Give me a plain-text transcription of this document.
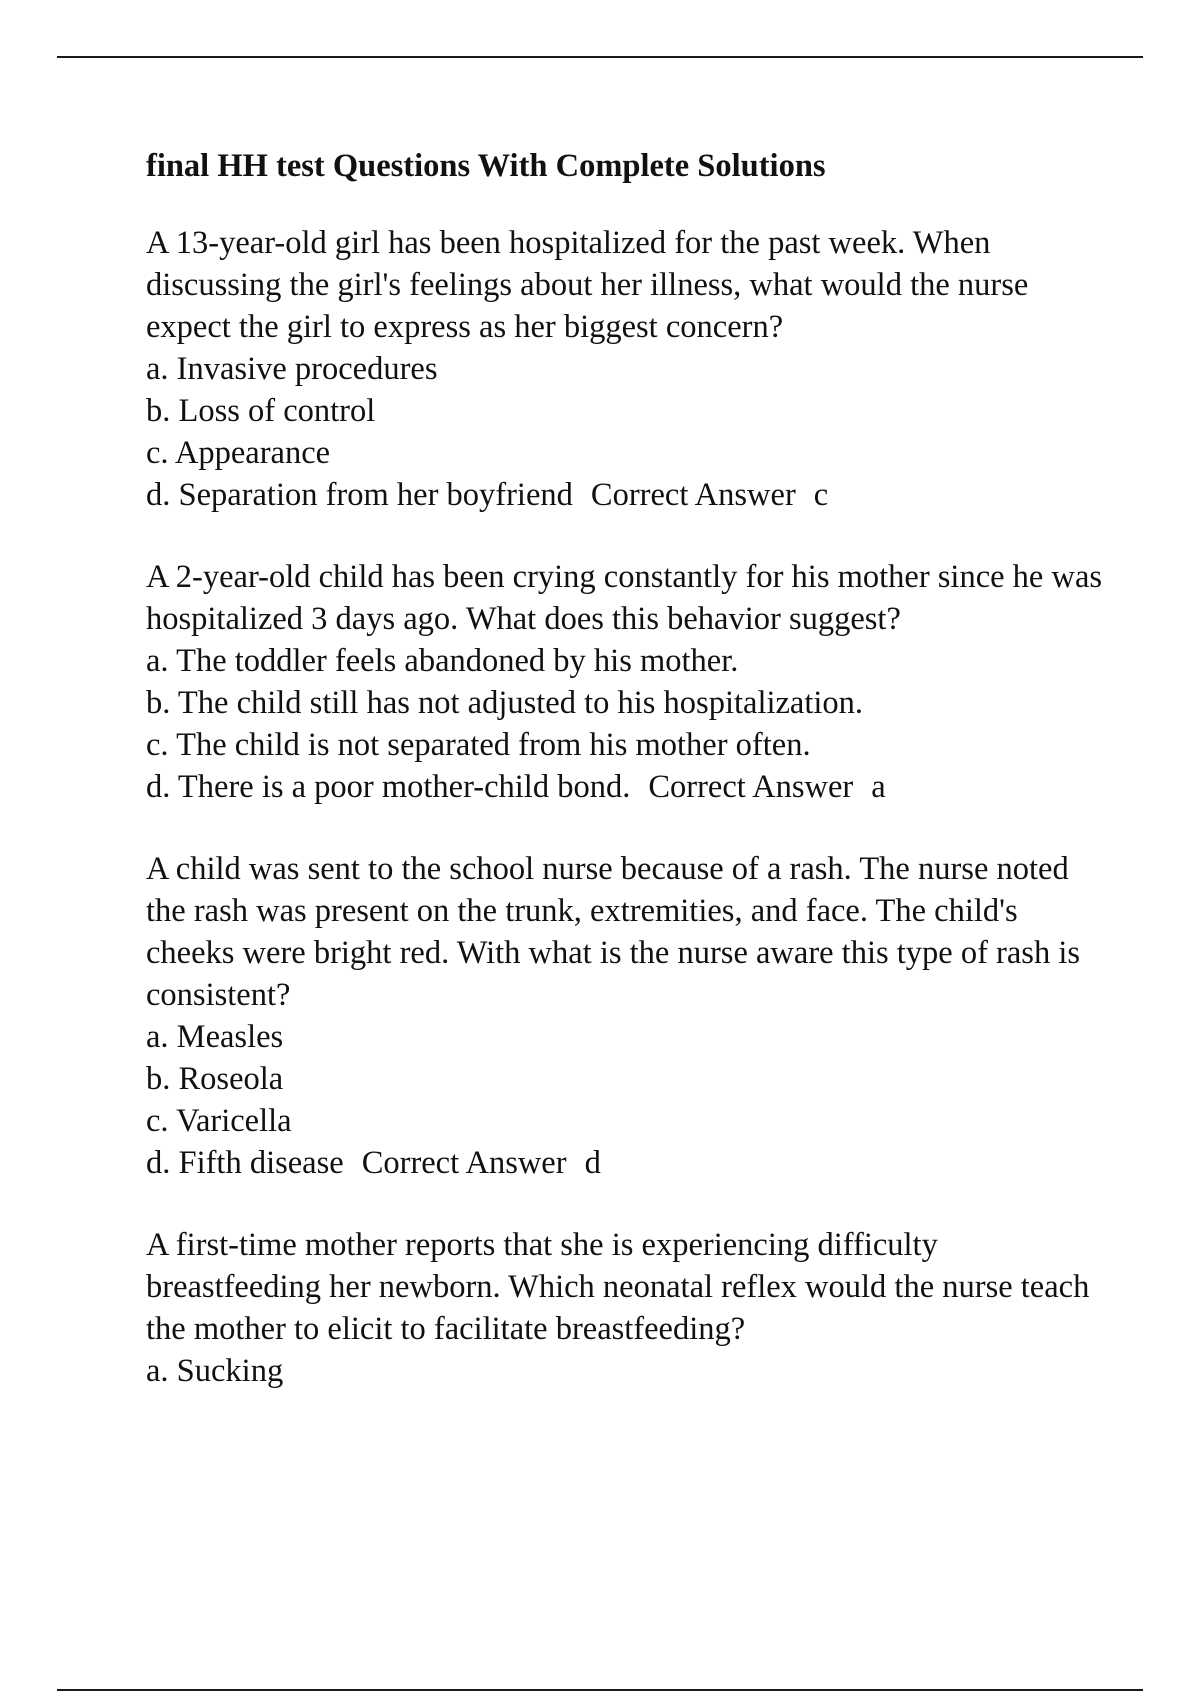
final HH test Questions With Complete Solutions

A 13-year-old girl has been hospitalized for the past week. When discussing the girl's feelings about her illness, what would the nurse expect the girl to express as her biggest concern?

a. Invasive procedures
b. Loss of control
c. Appearance
d. Separation from her boyfriend Correct Answer c

A 2-year-old child has been crying constantly for his mother since he was hospitalized 3 days ago. What does this behavior suggest?

a. The toddler feels abandoned by his mother.
b. The child still has not adjusted to his hospitalization.
c. The child is not separated from his mother often.
d. There is a poor mother-child bond. Correct Answer a

A child was sent to the school nurse because of a rash. The nurse noted the rash was present on the trunk, extremities, and face. The child's cheeks were bright red. With what is the nurse aware this type of rash is consistent?

a. Measles
b. Roseola
c. Varicella
d. Fifth disease Correct Answer d

A first-time mother reports that she is experiencing difficulty breastfeeding her newborn. Which neonatal reflex would the nurse teach the mother to elicit to facilitate breastfeeding?

a. Sucking
